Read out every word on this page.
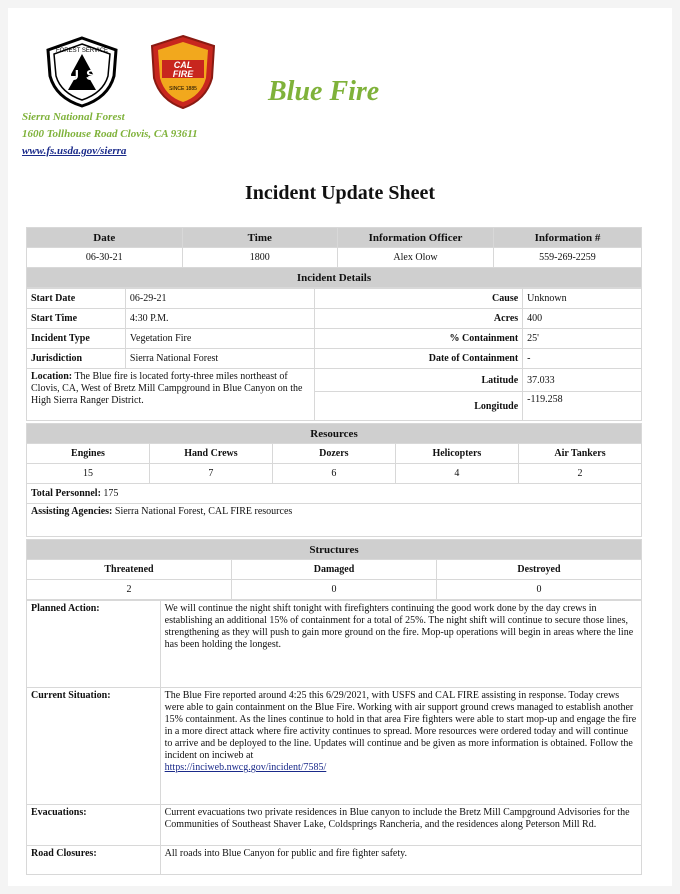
U S
FOREST SERVICE
CAL
FIRE
SINCE 1885	Blue Fire
Sierra National Forest
1600 Tollhouse Road Clovis, CA 93611
www.fs.usda.gov/sierra
Incident Update Sheet
Date	Time	Information Officer	Information #
06-30-21	1800	Alex Olow	559-269-2259
Incident Details			
Start Date	06-29-21	Cause	Unknown
Start Time	4:30 P.M.	Acres	400
Incident Type	Vegetation Fire	% Containment	25'
Jurisdiction	Sierra National Forest	Date of Containment	-
Location: The Blue fire is located forty-three miles northeast of Clovis, CA, West of Bretz Mill Campground in Blue Canyon on the High Sierra Ranger District.		Latitude	37.033
		Longitude	-119.258
Resources				
Engines	Hand Crews	Dozers	Helicopters	Air Tankers
15	7	6	4	2
Total Personnel: 175				
Assisting Agencies: Sierra National Forest, CAL FIRE resources				
Structures		
Threatened	Damaged	Destroyed
2	0	0
Planned Action:	We will continue the night shift tonight with firefighters continuing the good work done by the day crews in establishing an additional 15% of containment for a total of 25%. The night shift will continue to secure those lines, strengthening as they will push to gain more ground on the fire. Mop-up operations will begin in areas where the line has been holding the longest.
Current Situation:	The Blue Fire reported around 4:25 this 6/29/2021, with USFS and CAL FIRE assisting in response. Today crews were able to gain containment on the Blue Fire. Working with air support ground crews managed to establish another 15% containment. As the lines continue to hold in that area Fire fighters were able to start mop-up and engage the fire in a more direct attack where fire activity continues to spread. More resources were ordered today and will continue to arrive and be deployed to the line. Updates will continue and be given as more information is obtained. Follow the incident on inciweb at
https://inciweb.nwcg.gov/incident/7585/

Evacuations:	Current evacuations two private residences in Blue canyon to include the Bretz Mill Campground Advisories for the Communities of Southeast Shaver Lake, Coldsprings Rancheria, and the residences along Peterson Mill Rd.
Road Closures:	All roads into Blue Canyon for public and fire fighter safety.
